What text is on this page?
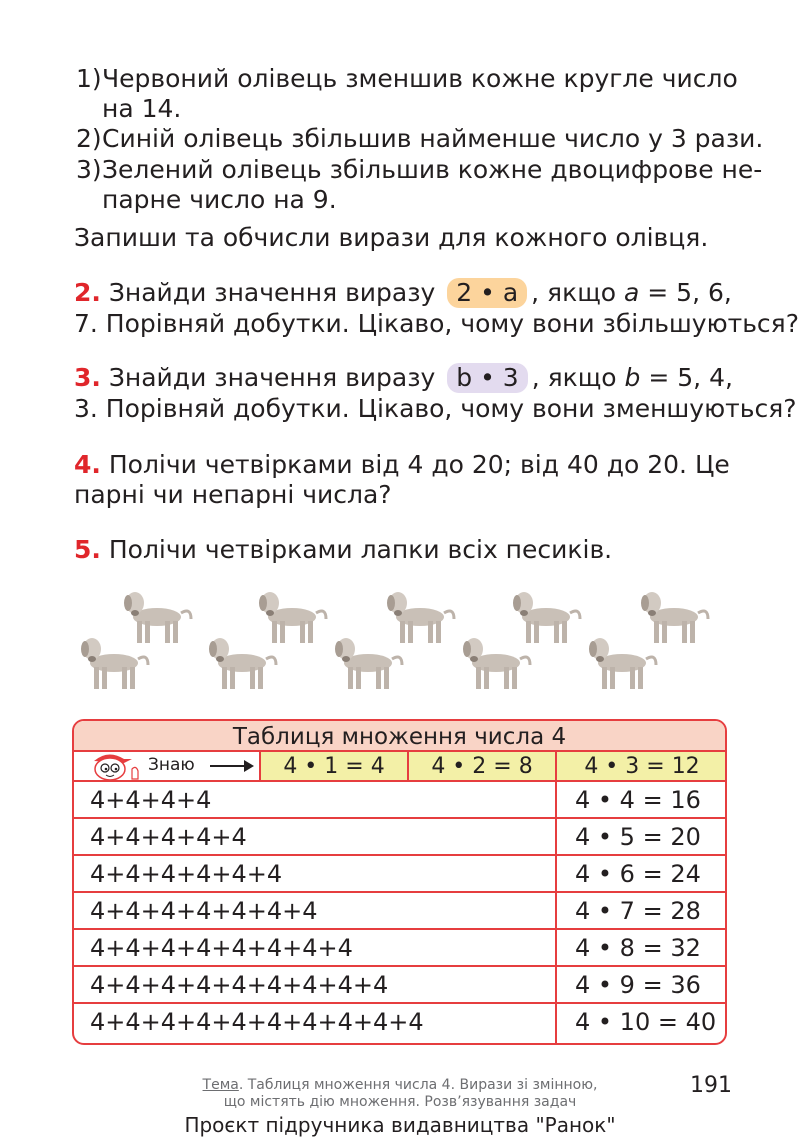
1) Червоний олівець зменшив кожне кругле число
на 14.
2) Синій олівець збільшив найменше число у 3 рази.
3) Зелений олівець збільшив кожне двоцифрове не-
парне число на 9.
Запиши та обчисли вирази для кожного олівця.
2. Знайди значення виразу 2 • а , якщо а = 5, 6,
7. Порівняй добутки. Цікаво, чому вони збільшуються?
3. Знайди значення виразу b • 3 , якщо b = 5, 4,
3. Порівняй добутки. Цікаво, чому вони зменшуються?
4. Полічи четвірками від 4 до 20; від 40 до 20. Це
парні чи непарні числа?
5. Полічи четвірками лапки всіх песиків.
Таблиця множення числа 4
Знаю	4 • 1 = 4	4 • 2 = 8	4 • 3 = 12
4+4+4+4	4 • 4 = 16
4+4+4+4+4	4 • 5 = 20
4+4+4+4+4+4	4 • 6 = 24
4+4+4+4+4+4+4	4 • 7 = 28
4+4+4+4+4+4+4+4	4 • 8 = 32
4+4+4+4+4+4+4+4+4	4 • 9 = 36
4+4+4+4+4+4+4+4+4+4	4 • 10 = 40
Тема. Таблиця множення числа 4. Вирази зі змінною,
що містять дію множення. Розв’язування задач
191
Проєкт підручника видавництва "Ранок"
